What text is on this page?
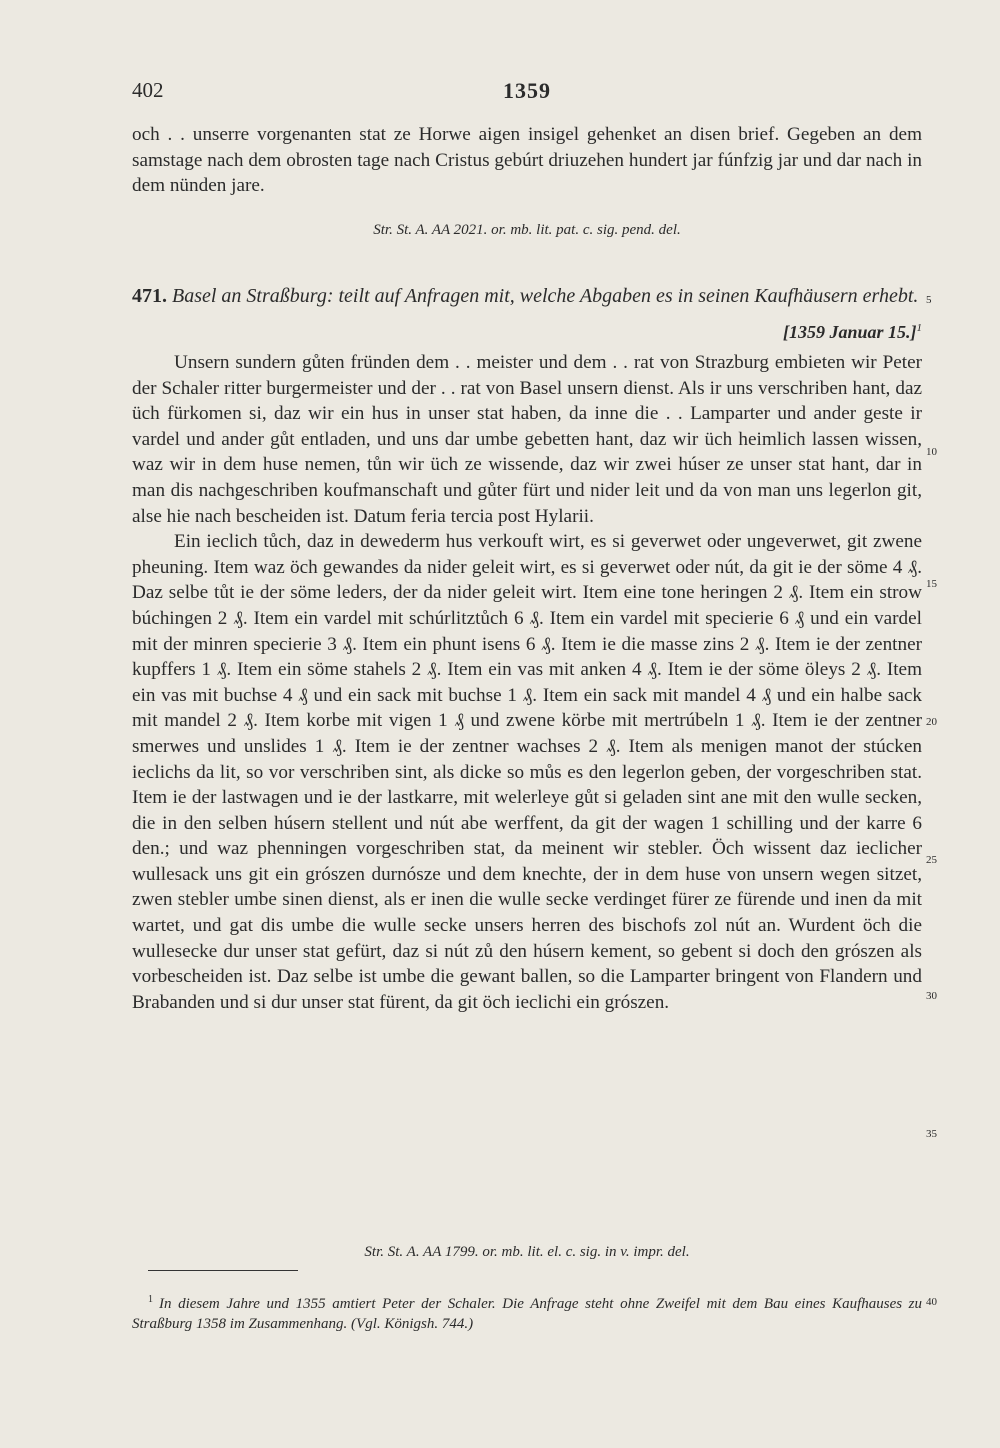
402	1359

och . . unserre vorgenanten stat ze Horwe aigen insigel gehenket an disen brief. Gegeben an dem samstage nach dem obrosten tage nach Cristus gebúrt driuzehen hundert jar fúnfzig jar und dar nach in dem nünden jare.

Str. St. A. AA 2021. or. mb. lit. pat. c. sig. pend. del.
471. Basel an Straßburg: teilt auf Anfragen mit, welche Abgaben es in seinen Kaufhäusern erhebt.
[1359 Januar 15.]$^1$

Unsern sundern gůten fründen dem . . meister und dem . . rat von Strazburg embieten wir Peter der Schaler ritter burgermeister und der . . rat von Basel unsern dienst. Als ir uns verschriben hant, daz üch fürkomen si, daz wir ein hus in unser stat haben, da inne die . . Lamparter und ander geste ir vardel und ander gůt entladen, und uns dar umbe gebetten hant, daz wir üch heimlich lassen wissen, waz wir in dem huse nemen, tůn wir üch ze wissende, daz wir zwei húser ze unser stat hant, dar in man dis nachgeschriben koufmanschaft und gůter fürt und nider leit und da von man uns legerlon git, alse hie nach bescheiden ist. Datum feria tercia post Hylarii.

Ein ieclich tůch, daz in dewederm hus verkouft wirt, es si geverwet oder ungeverwet, git zwene pheuning. Item waz öch gewandes da nider geleit wirt, es si geverwet oder nút, da git ie der söme 4 ₰. Daz selbe tůt ie der söme leders, der da nider geleit wirt. Item eine tone heringen 2 ₰. Item ein strow búchingen 2 ₰. Item ein vardel mit schúrlitztůch 6 ₰. Item ein vardel mit specierie 6 ₰ und ein vardel mit der minren specierie 3 ₰. Item ein phunt isens 6 ₰. Item ie die masse zins 2 ₰. Item ie der zentner kupffers 1 ₰. Item ein söme stahels 2 ₰. Item ein vas mit anken 4 ₰. Item ie der söme öleys 2 ₰. Item ein vas mit buchse 4 ₰ und ein sack mit buchse 1 ₰. Item ein sack mit mandel 4 ₰ und ein halbe sack mit mandel 2 ₰. Item korbe mit vigen 1 ₰ und zwene körbe mit mertrúbeln 1 ₰. Item ie der zentner smerwes und unslides 1 ₰. Item ie der zentner wachses 2 ₰. Item als menigen manot der stúcken ieclichs da lit, so vor verschriben sint, als dicke so můs es den legerlon geben, der vorgeschriben stat. Item ie der lastwagen und ie der lastkarre, mit welerleye gůt si geladen sint ane mit den wulle secken, die in den selben húsern stellent und nút abe werffent, da git der wagen 1 schilling und der karre 6 den.; und waz phenningen vorgeschriben stat, da meinent wir stebler. Öch wissent daz ieclicher wullesack uns git ein grószen durnósze und dem knechte, der in dem huse von unsern wegen sitzet, zwen stebler umbe sinen dienst, als er inen die wulle secke verdinget fürer ze fürende und inen da mit wartet, und gat dis umbe die wulle secke unsers herren des bischofs zol nút an. Wurdent öch die wullesecke dur unser stat gefürt, daz si nút zů den húsern kement, so gebent si doch den grószen als vorbescheiden ist. Daz selbe ist umbe die gewant ballen, so die Lamparter bringent von Flandern und Brabanden und si dur unser stat fürent, da git öch ieclichi ein grószen.

Str. St. A. AA 1799. or. mb. lit. el. c. sig. in v. impr. del.
$^1$ In diesem Jahre und 1355 amtiert Peter der Schaler. Die Anfrage steht ohne Zweifel mit dem Bau eines Kaufhauses zu Straßburg 1358 im Zusammenhang. (Vgl. Königsh. 744.)
5
10
15
20
25
30
35
40
